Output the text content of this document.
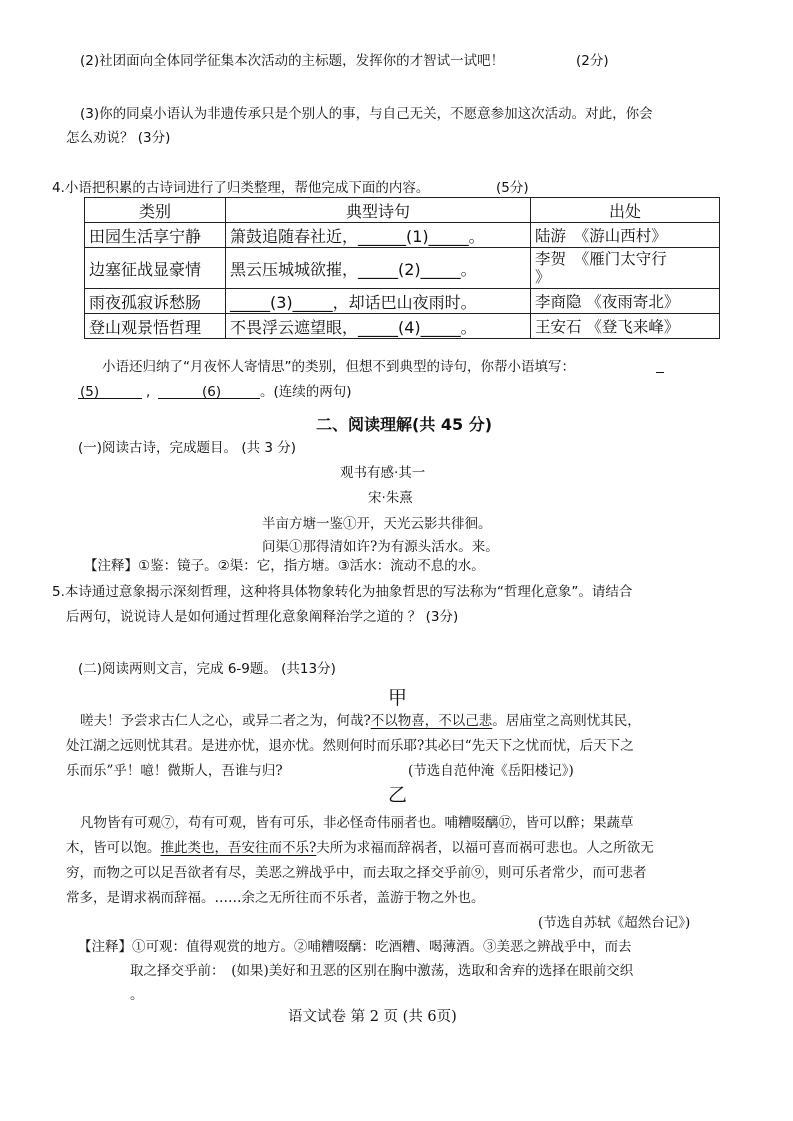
(2)社团面向全体同学征集本次活动的主标题，发挥你的才智试一试吧！	(2分)
(3)你的同桌小语认为非遗传承只是个别人的事，与自己无关，不愿意参加这次活动。对此，你会
怎么劝说？ (3分)
4.小语把积累的古诗词进行了归类整理，帮他完成下面的内容。	(5分)
类别	典型诗句	出处
田园生活享宁静	箫鼓追随春社近，______(1)_____。	陆游　《游山西村》
边塞征战显豪情	黑云压城城欲摧，_____(2)_____。	李贺　《雁门太守行
》

雨夜孤寂诉愁肠	_____(3)_____，却话巴山夜雨时。	李商隐 《夜雨寄北》
登山观景悟哲理	不畏浮云遮望眼，_____(4)_____。	王安石 《登飞来峰》
小语还归纳了“月夜怀人寄情思”的类别，但想不到典型的诗句，你帮小语填写：
(5)	,	(6)	。(连续的两句)
二、阅读理解(共 45 分)
(一)阅读古诗，完成题目。 (共 3 分)
观书有感·其一
宋·朱熹
半亩方塘一鉴①开，天光云影共徘徊。
问渠①那得清如许?为有源头活水。来。
【注释】①鉴：镜子。②渠：它，指方塘。③活水：流动不息的水。
5.本诗通过意象揭示深刻哲理，这种将具体物象转化为抽象哲思的写法称为“哲理化意象”。请结合
后两句，说说诗人是如何通过哲理化意象阐释治学之道的 ？ (3分)
(二)阅读两则文言，完成 6-9题。 (共13分)
甲
嗟夫！予尝求古仁人之心，或异二者之为，何哉?不以物喜，不以己悲。居庙堂之高则忧其民，
处江湖之远则忧其君。是进亦忧，退亦忧。然则何时而乐耶?其必曰“先天下之忧而忧，后天下之
乐而乐”乎！噫！微斯人，吾谁与归?	(节选自范仲淹《岳阳楼记》)
乙
凡物皆有可观⑦，苟有可观，皆有可乐，非必怪奇伟丽者也。哺糟啜醨⑰，皆可以醉；果蔬草
木，皆可以饱。推此类也，吾安往而不乐?夫所为求福而辞祸者，以福可喜而祸可悲也。人之所欲无
穷，而物之可以足吾欲者有尽，美恶之辨战乎中，而去取之择交乎前⑨，则可乐者常少，而可悲者
常多，是谓求祸而辞福。……余之无所往而不乐者，盖游于物之外也。
(节选自苏轼《超然台记》)
【注释】①可观：值得观赏的地方。②哺糟啜醨：吃酒糟、喝薄酒。③美恶之辨战乎中，而去
取之择交乎前：　(如果)美好和丑恶的区别在胸中激荡，选取和舍弃的选择在眼前交织
。
语文试卷 第 2 页 (共 6页)
